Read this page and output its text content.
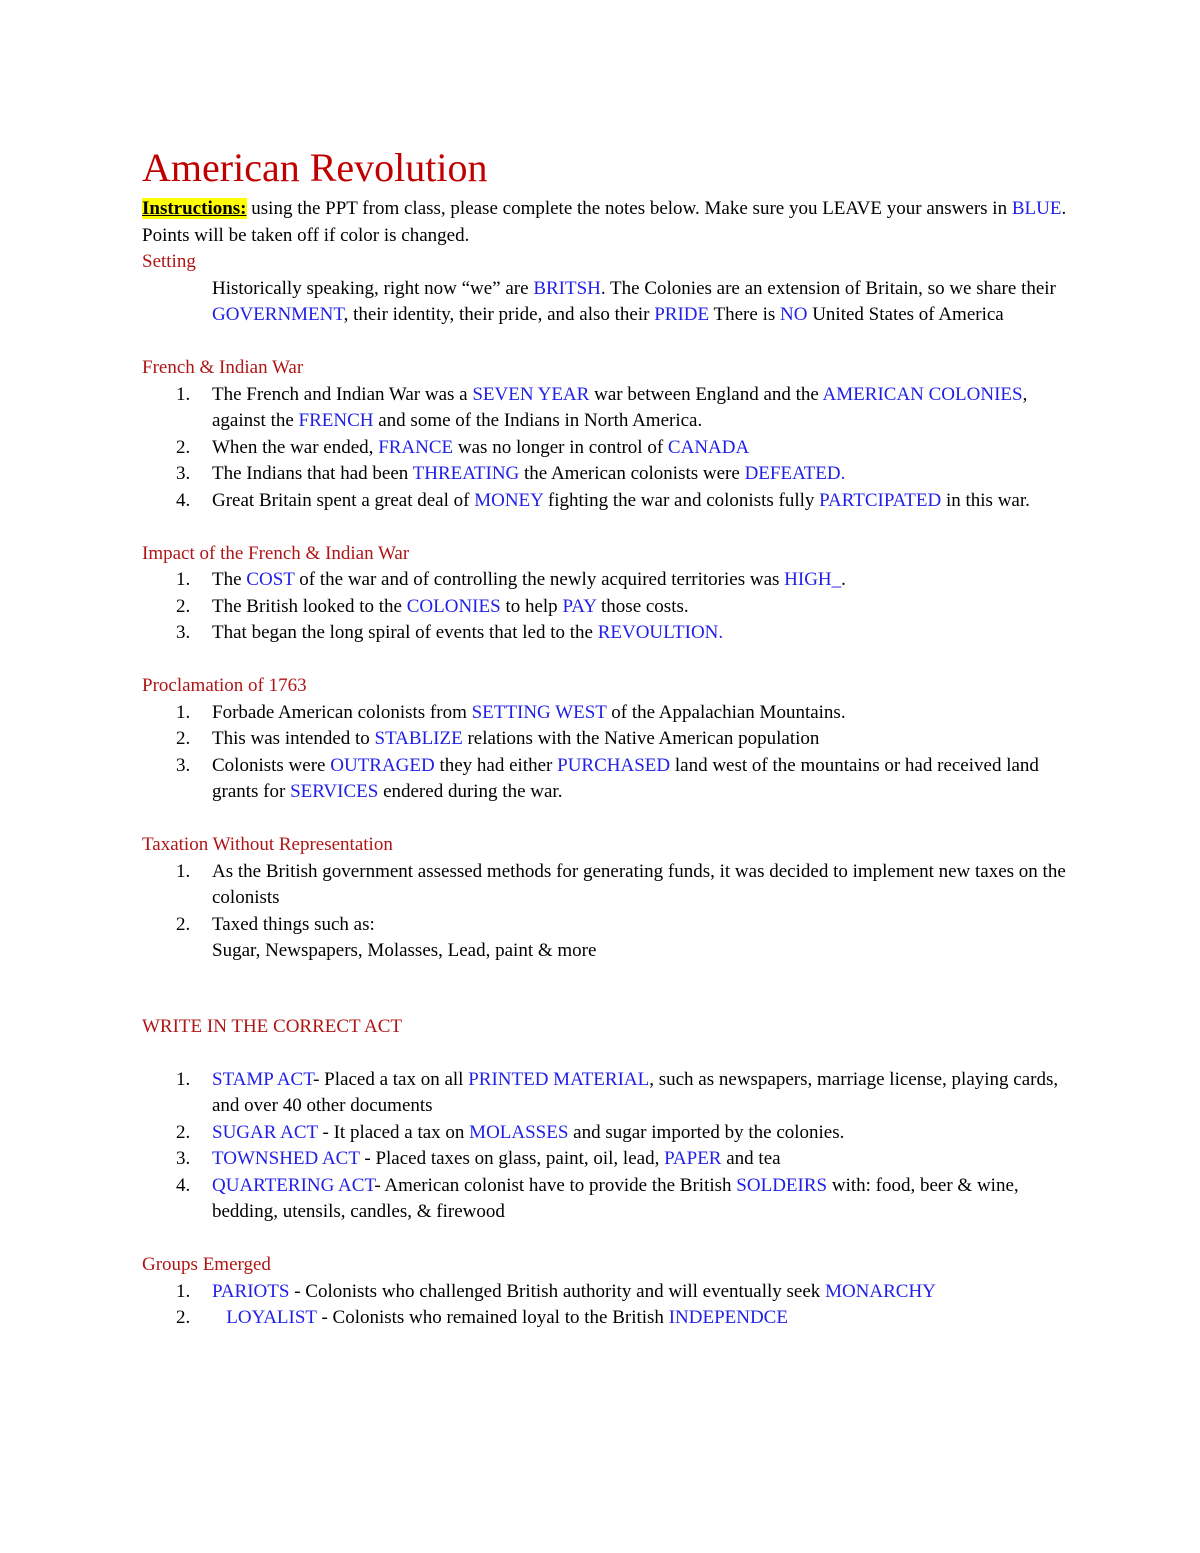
American Revolution

Instructions: using the PPT from class, please complete the notes below. Make sure you LEAVE your answers in BLUE. Points will be taken off if color is changed.

Setting

Historically speaking, right now “we” are BRITSH. The Colonies are an extension of Britain, so we share their GOVERNMENT, their identity, their pride, and also their PRIDE There is NO United States of America

French & Indian War
1. The French and Indian War was a SEVEN YEAR war between England and the AMERICAN COLONIES, against the FRENCH and some of the Indians in North America.
2. When the war ended, FRANCE was no longer in control of CANADA
3. The Indians that had been THREATING the American colonists were DEFEATED.
4. Great Britain spent a great deal of MONEY fighting the war and colonists fully PARTCIPATED in this war.
Impact of the French & Indian War
1. The COST of the war and of controlling the newly acquired territories was HIGH_.
2. The British looked to the COLONIES to help PAY those costs.
3. That began the long spiral of events that led to the REVOULTION.
Proclamation of 1763
1. Forbade American colonists from SETTING WEST of the Appalachian Mountains.
2. This was intended to STABLIZE relations with the Native American population
3. Colonists were OUTRAGED they had either PURCHASED land west of the mountains or had received land grants for SERVICES endered during the war.
Taxation Without Representation
1. As the British government assessed methods for generating funds, it was decided to implement new taxes on the colonists
2. Taxed things such as:
Sugar, Newspapers, Molasses, Lead, paint & more
WRITE IN THE CORRECT ACT
1. STAMP ACT- Placed a tax on all PRINTED MATERIAL, such as newspapers, marriage license, playing cards, and over 40 other documents
2. SUGAR ACT - It placed a tax on MOLASSES and sugar imported by the colonies.
3. TOWNSHED ACT - Placed taxes on glass, paint, oil, lead, PAPER and tea
4. QUARTERING ACT- American colonist have to provide the British SOLDEIRS with: food, beer & wine, bedding, utensils, candles, & firewood
Groups Emerged
1. PARIOTS - Colonists who challenged British authority and will eventually seek MONARCHY
2. LOYALIST - Colonists who remained loyal to the British INDEPENDCE
